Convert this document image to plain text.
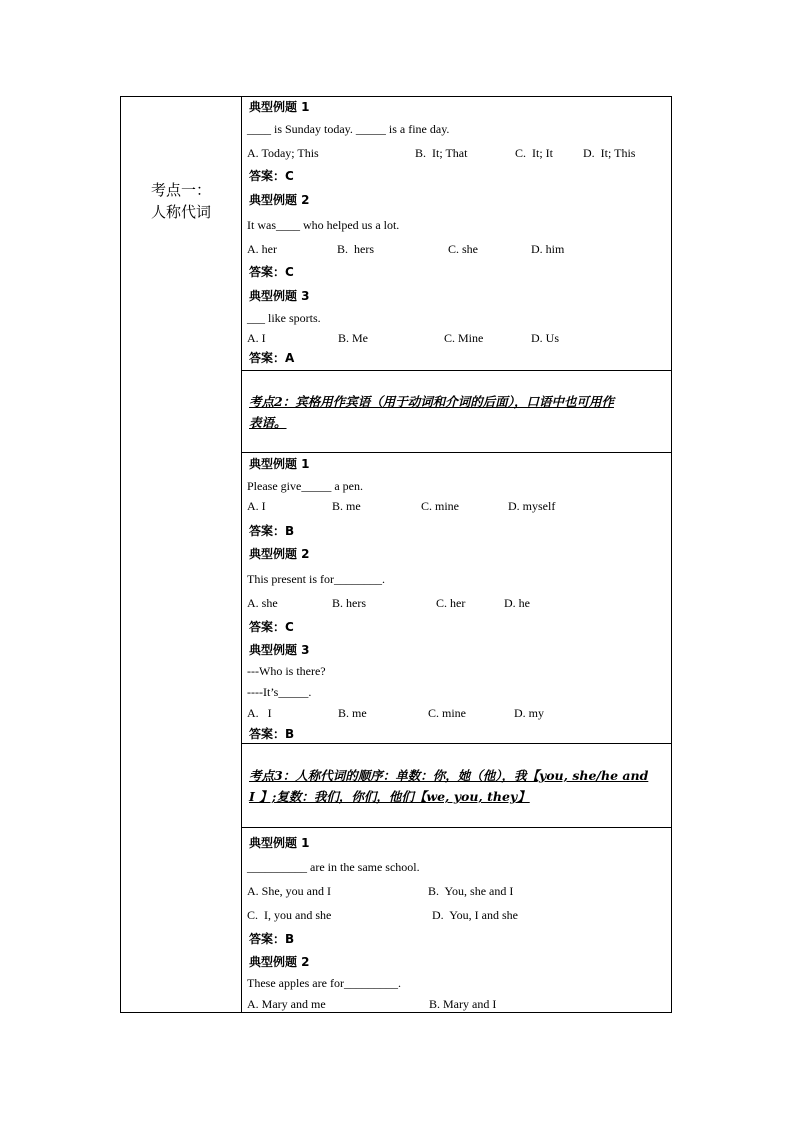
考点一：
人称代词
典型例题 1
____ is Sunday today. _____ is a fine day.
A. Today; This	B.  It; That	C.  It; It	D.  It; This
答案：C
典型例题 2
It was____ who helped us a lot.
A. her	B.  hers	C. she	D. him
答案：C
典型例题 3
___ like sports.
A. I	B. Me	C. Mine	D. Us
答案：A
考点2：宾格用作宾语（用于动词和介词的后面），口语中也可用作
表语。
典型例题 1
Please give_____ a pen.
A. I	B. me	C. mine	D. myself
答案：B
典型例题 2
This present is for________.
A. she	B. hers	C. her	D. he
答案：C
典型例题 3
---Who is there?
----It’s_____.
A.   I	B. me	C. mine	D. my
答案：B
考点3：人称代词的顺序：单数：你，她（他），我【you, she/he and
I 】;复数：我们，你们，他们【we, you, they】
典型例题 1
__________ are in the same school.
A. She, you and I	B.  You, she and I
C.  I, you and she	D.  You, I and she
答案：B
典型例题 2
These apples are for_________.
A. Mary and me	B. Mary and I
